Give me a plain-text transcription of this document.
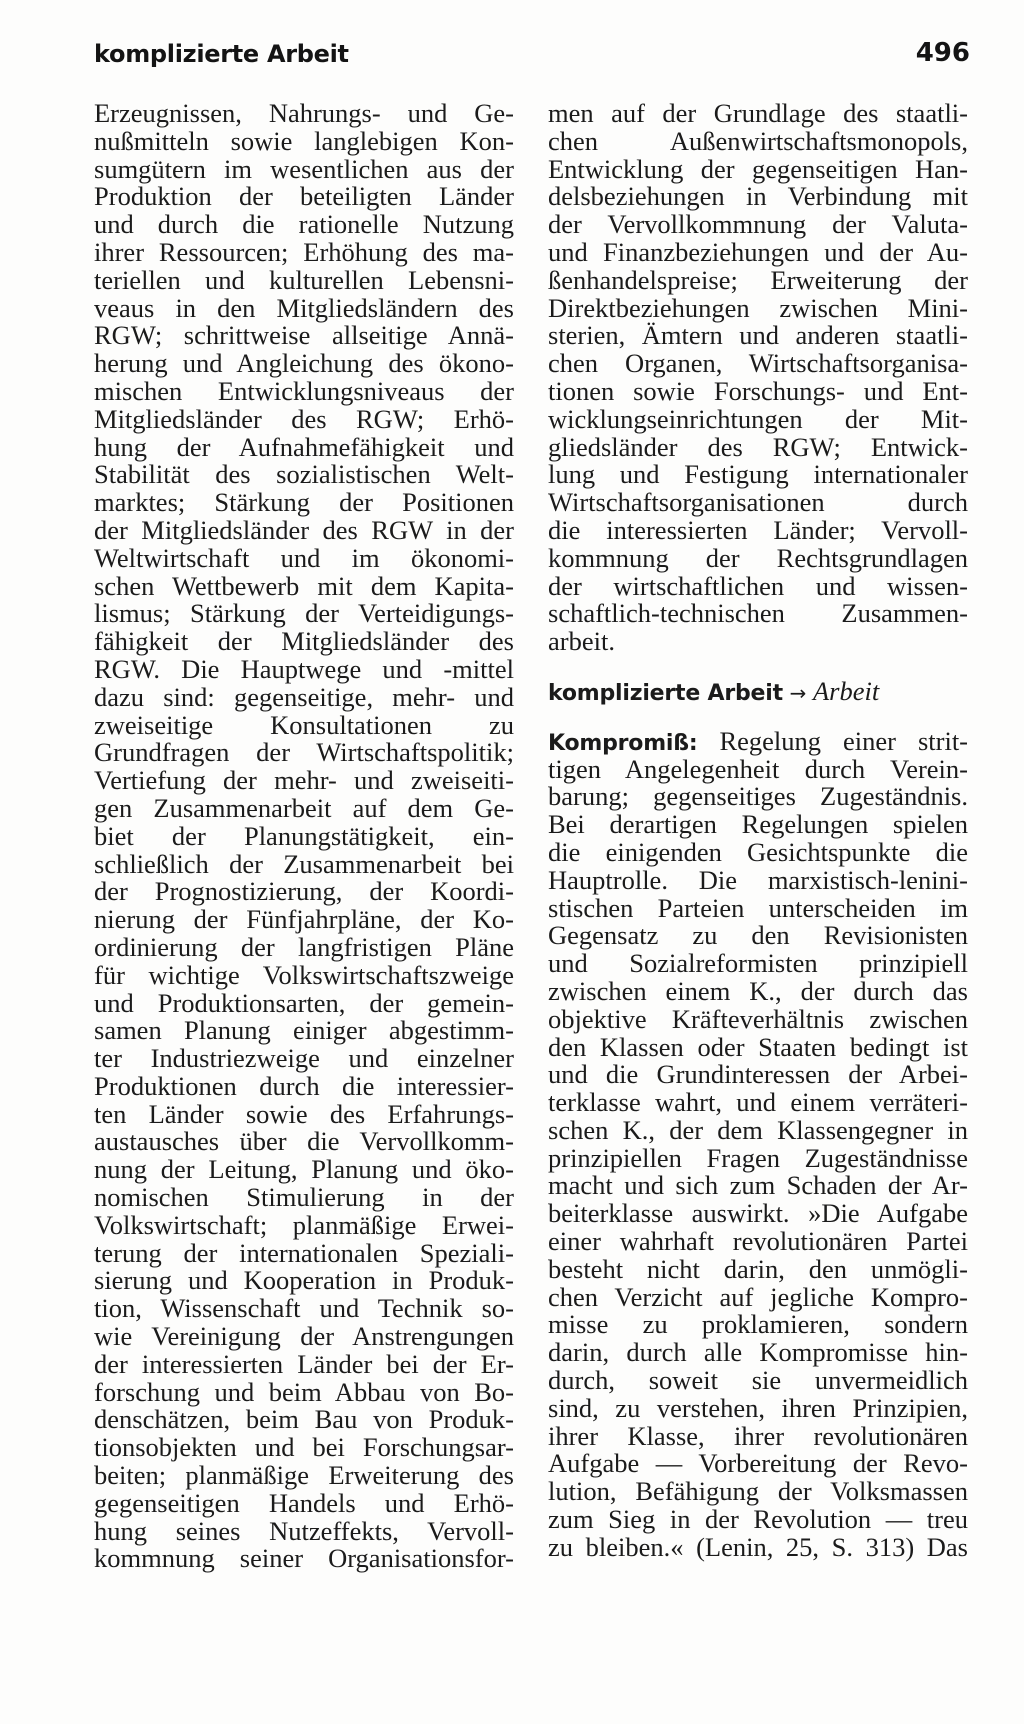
komplizierte Arbeit	496
Erzeugnissen, Nahrungs- und Ge-
nußmitteln sowie langlebigen Kon-
sumgütern im wesentlichen aus der
Produktion der beteiligten Länder
und durch die rationelle Nutzung
ihrer Ressourcen; Erhöhung des ma-
teriellen und kulturellen Lebensni-
veaus in den Mitgliedsländern des
RGW; schrittweise allseitige Annä-
herung und Angleichung des ökono-
mischen Entwicklungsniveaus der
Mitgliedsländer des RGW; Erhö-
hung der Aufnahmefähigkeit und
Stabilität des sozialistischen Welt-
marktes; Stärkung der Positionen
der Mitgliedsländer des RGW in der
Weltwirtschaft und im ökonomi-
schen Wettbewerb mit dem Kapita-
lismus; Stärkung der Verteidigungs-
fähigkeit der Mitgliedsländer des
RGW. Die Hauptwege und -mittel
dazu sind: gegenseitige, mehr- und
zweiseitige Konsultationen zu
Grundfragen der Wirtschaftspolitik;
Vertiefung der mehr- und zweiseiti-
gen Zusammenarbeit auf dem Ge-
biet der Planungstätigkeit, ein-
schließlich der Zusammenarbeit bei
der Prognostizierung, der Koordi-
nierung der Fünfjahrpläne, der Ko-
ordinierung der langfristigen Pläne
für wichtige Volkswirtschaftszweige
und Produktionsarten, der gemein-
samen Planung einiger abgestimm-
ter Industriezweige und einzelner
Produktionen durch die interessier-
ten Länder sowie des Erfahrungs-
austausches über die Vervollkomm-
nung der Leitung, Planung und öko-
nomischen Stimulierung in der
Volkswirtschaft; planmäßige Erwei-
terung der internationalen Speziali-
sierung und Kooperation in Produk-
tion, Wissenschaft und Technik so-
wie Vereinigung der Anstrengungen
der interessierten Länder bei der Er-
forschung und beim Abbau von Bo-
denschätzen, beim Bau von Produk-
tionsobjekten und bei Forschungsar-
beiten; planmäßige Erweiterung des
gegenseitigen Handels und Erhö-
hung seines Nutzeffekts, Vervoll-
kommnung seiner Organisationsfor-
men auf der Grundlage des staatli-
chen Außenwirtschaftsmonopols,
Entwicklung der gegenseitigen Han-
delsbeziehungen in Verbindung mit
der Vervollkommnung der Valuta-
und Finanzbeziehungen und der Au-
ßenhandelspreise; Erweiterung der
Direktbeziehungen zwischen Mini-
sterien, Ämtern und anderen staatli-
chen Organen, Wirtschaftsorganisa-
tionen sowie Forschungs- und Ent-
wicklungseinrichtungen der Mit-
gliedsländer des RGW; Entwick-
lung und Festigung internationaler
Wirtschaftsorganisationen durch
die interessierten Länder; Vervoll-
kommnung der Rechtsgrundlagen
der wirtschaftlichen und wissen-
schaftlich-technischen Zusammen-
arbeit.
komplizierte Arbeit → Arbeit
Kompromiß: Regelung einer strit-
tigen Angelegenheit durch Verein-
barung; gegenseitiges Zugeständnis.
Bei derartigen Regelungen spielen
die einigenden Gesichtspunkte die
Hauptrolle. Die marxistisch-lenini-
stischen Parteien unterscheiden im
Gegensatz zu den Revisionisten
und Sozialreformisten prinzipiell
zwischen einem K., der durch das
objektive Kräfteverhältnis zwischen
den Klassen oder Staaten bedingt ist
und die Grundinteressen der Arbei-
terklasse wahrt, und einem verräteri-
schen K., der dem Klassengegner in
prinzipiellen Fragen Zugeständnisse
macht und sich zum Schaden der Ar-
beiterklasse auswirkt. »Die Aufgabe
einer wahrhaft revolutionären Partei
besteht nicht darin, den unmögli-
chen Verzicht auf jegliche Kompro-
misse zu proklamieren, sondern
darin, durch alle Kompromisse hin-
durch, soweit sie unvermeidlich
sind, zu verstehen, ihren Prinzipien,
ihrer Klasse, ihrer revolutionären
Aufgabe — Vorbereitung der Revo-
lution, Befähigung der Volksmassen
zum Sieg in der Revolution — treu
zu bleiben.« (Lenin, 25, S. 313) Das
